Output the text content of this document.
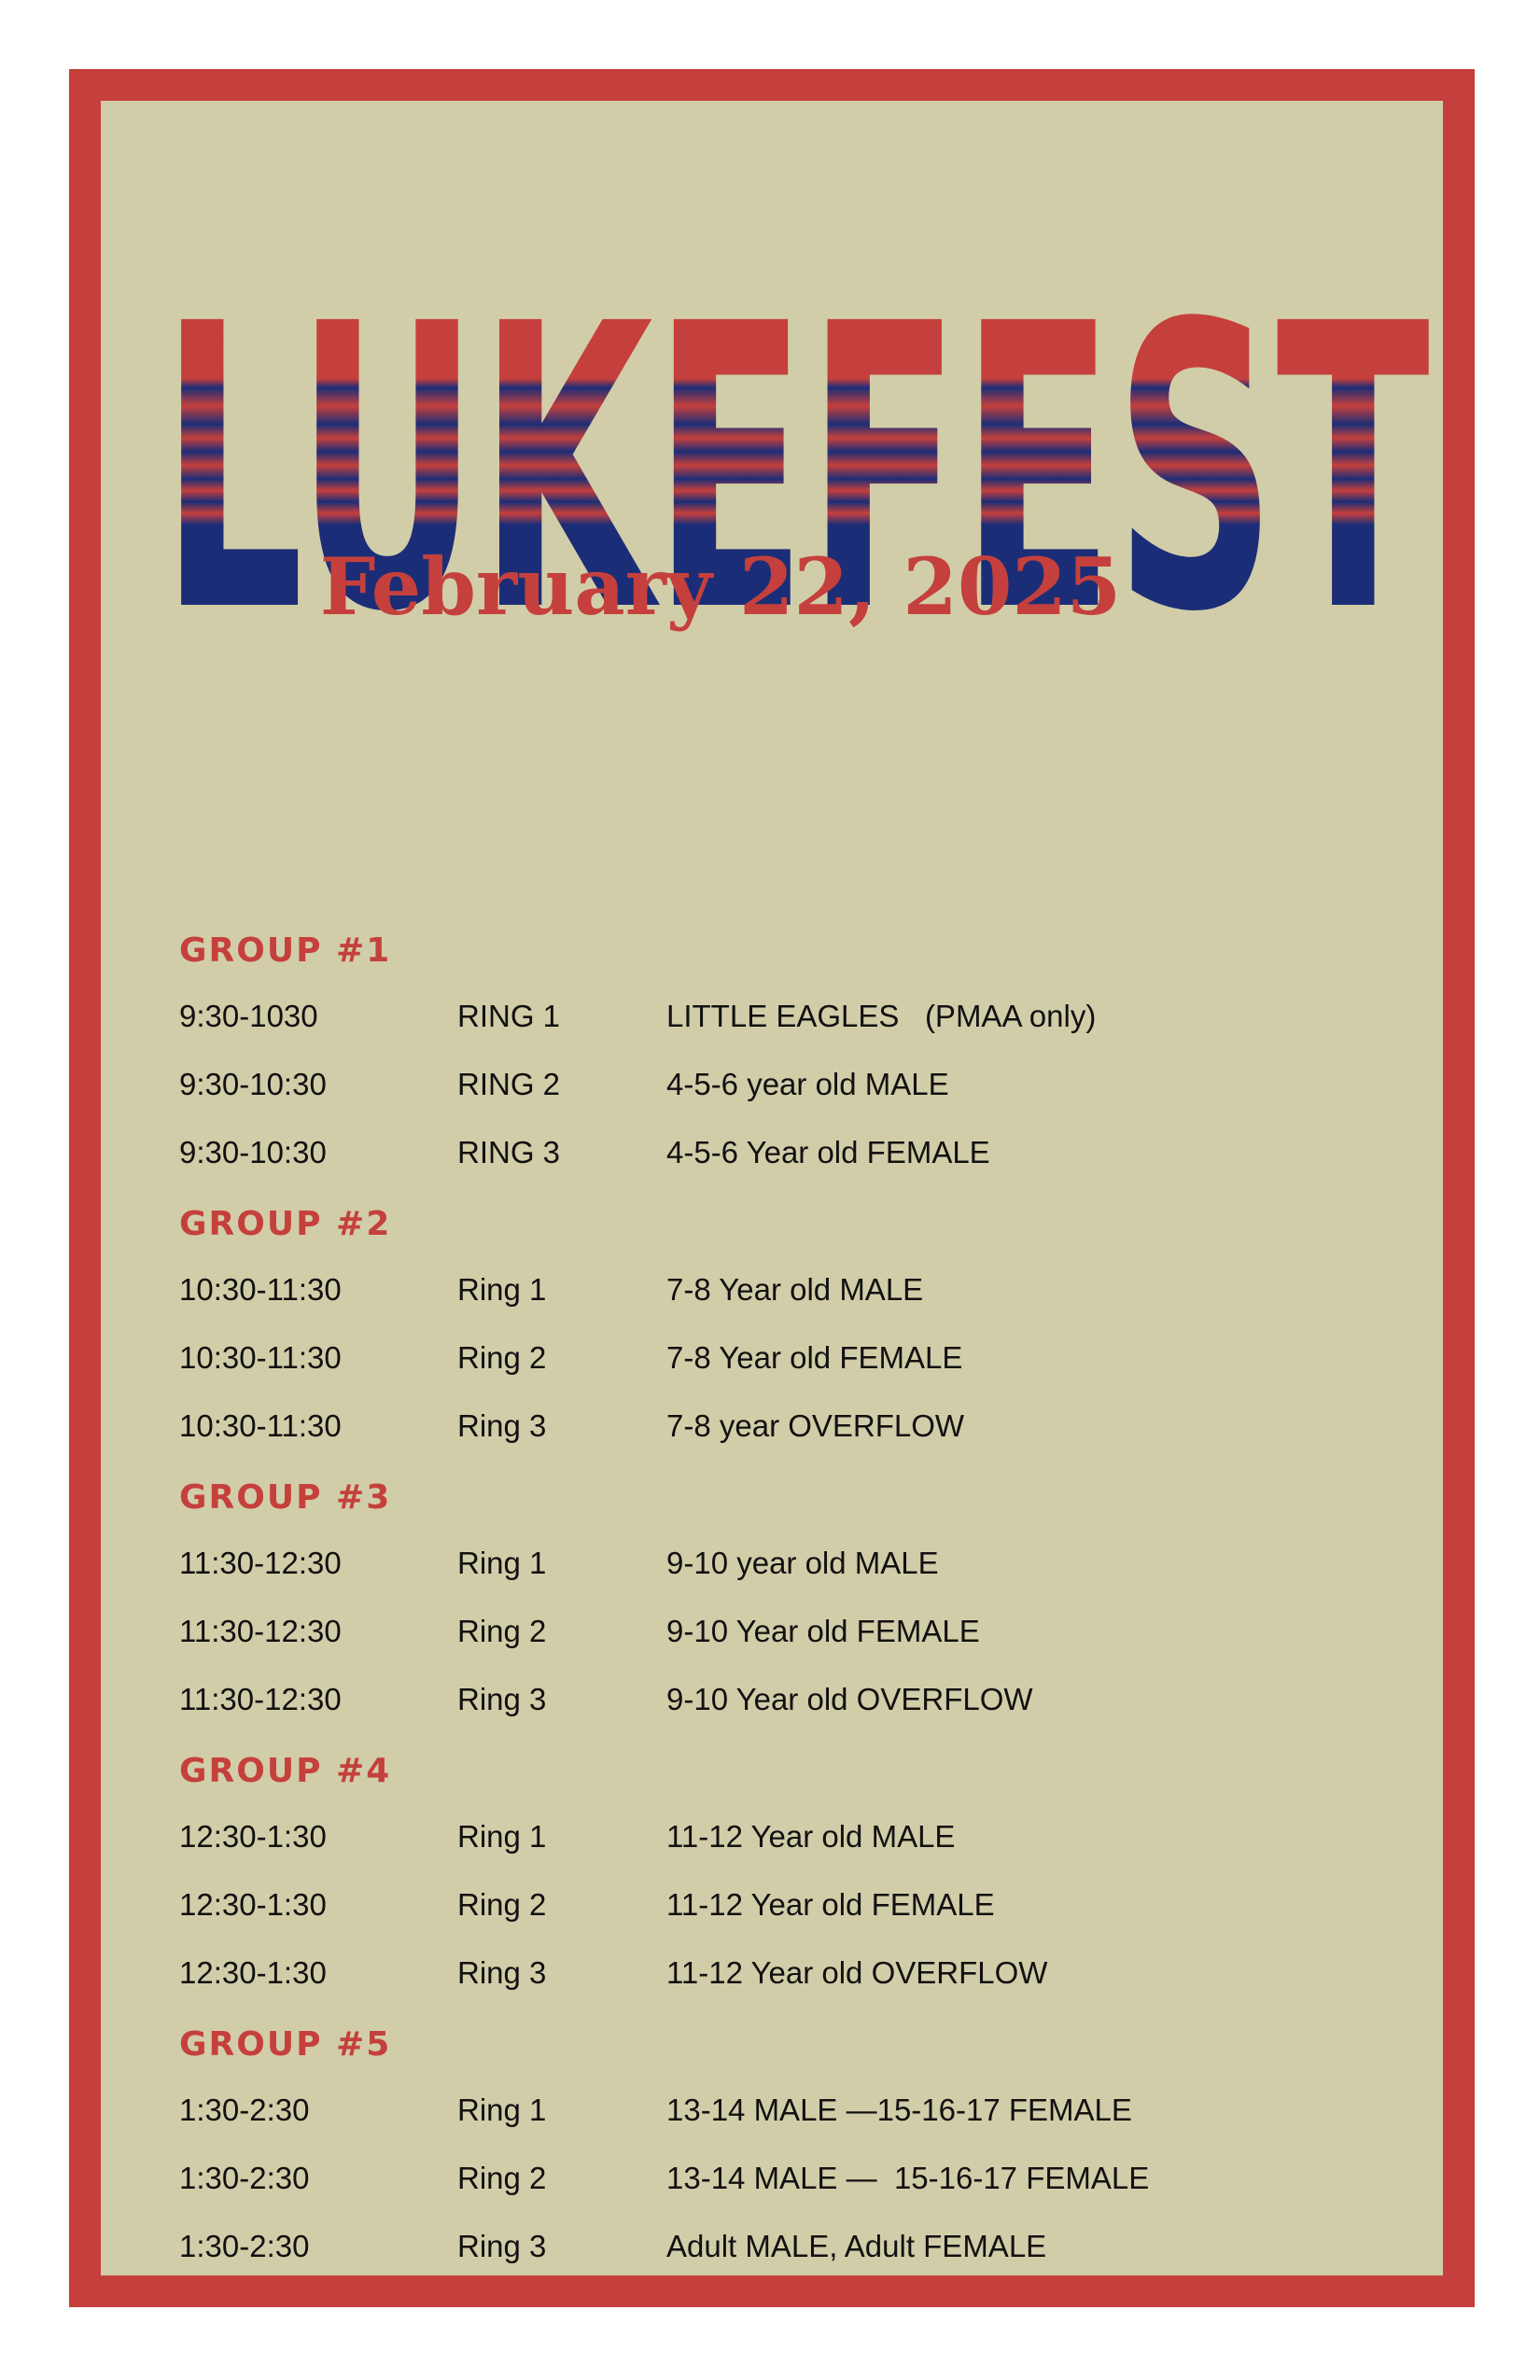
LUKEFEST
February 22, 2025
GROUP #1
9:30-1030	RING 1	LITTLE EAGLES   (PMAA only)
9:30-10:30	RING 2	4-5-6 year old MALE
9:30-10:30	RING 3	4-5-6 Year old FEMALE
GROUP #2
10:30-11:30	Ring 1	7-8 Year old MALE
10:30-11:30	Ring 2	7-8 Year old FEMALE
10:30-11:30	Ring 3	7-8 year OVERFLOW
GROUP #3
11:30-12:30	Ring 1	9-10 year old MALE
11:30-12:30	Ring 2	9-10 Year old FEMALE
11:30-12:30	Ring 3	9-10 Year old OVERFLOW
GROUP #4
12:30-1:30	Ring 1	11-12 Year old MALE
12:30-1:30	Ring 2	11-12 Year old FEMALE
12:30-1:30	Ring 3	11-12 Year old OVERFLOW
GROUP #5
1:30-2:30	Ring 1	13-14 MALE —15-16-17 FEMALE
1:30-2:30	Ring 2	13-14 MALE —  15-16-17 FEMALE
1:30-2:30	Ring 3	Adult MALE, Adult FEMALE
